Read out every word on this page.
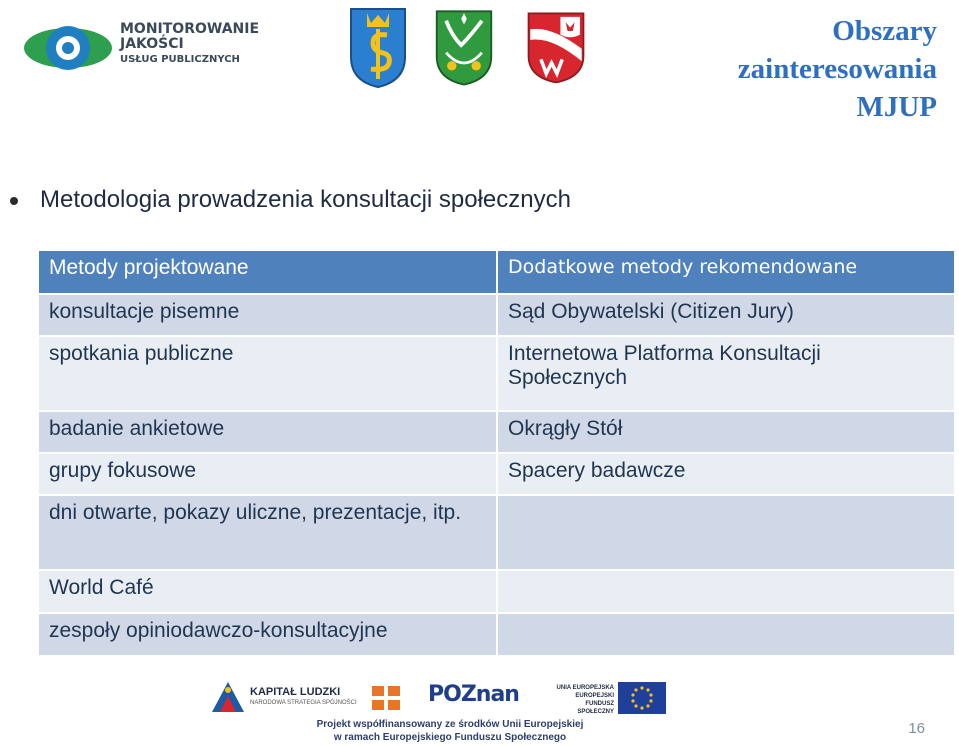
MONITOROWANIE
JAKOŚCI
USŁUG PUBLICZNYCH
Obszary
zainteresowania
MJUP
Metodologia prowadzenia konsultacji społecznych
Metody projektowane	Dodatkowe metody rekomendowane
konsultacje pisemne	Sąd Obywatelski (Citizen Jury)
spotkania publiczne	Internetowa Platforma Konsultacji Społecznych
badanie ankietowe	Okrągły Stół
grupy fokusowe	Spacery badawcze
dni otwarte, pokazy uliczne, prezentacje, itp.	
World Café	
zespoły opiniodawczo-konsultacyjne	
KAPITAŁ LUDZKI
NARODOWA STRATEGIA SPÓJNOŚCI	POZnan	UNIA EUROPEJSKA
EUROPEJSKI
FUNDUSZ SPOŁECZNY
Projekt współfinansowany ze środków Unii Europejskiej
w ramach Europejskiego Funduszu Społecznego
16
